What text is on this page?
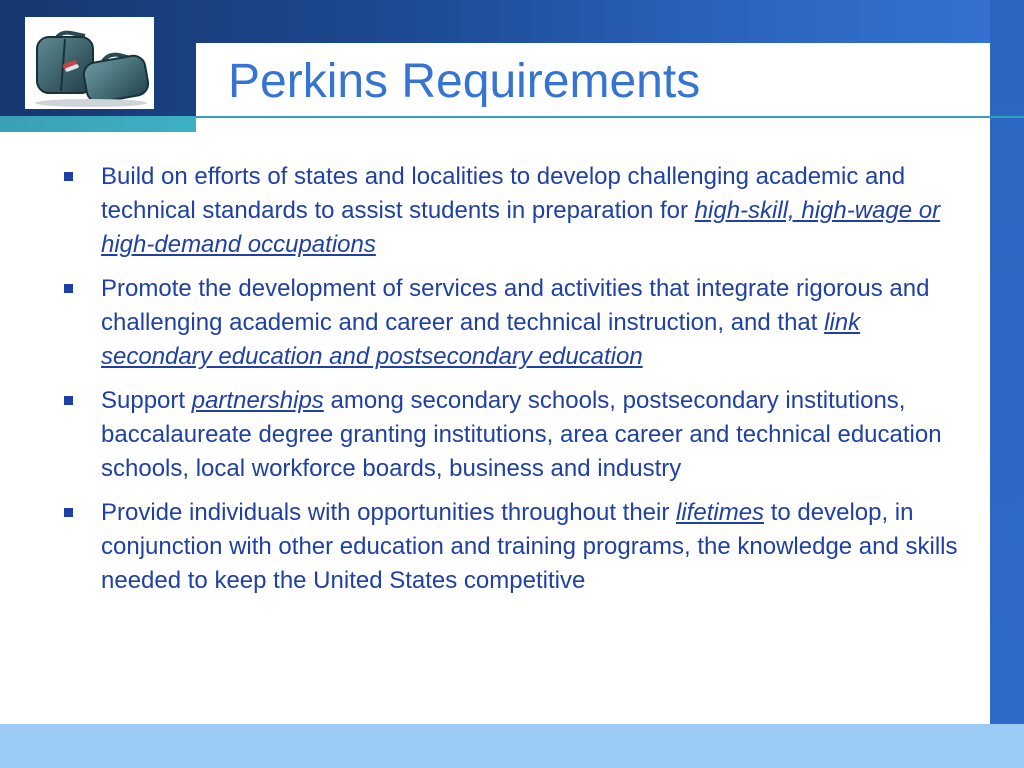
Perkins Requirements
Build on efforts of states and localities to develop challenging academic and technical standards to assist students in preparation for high-skill, high-wage or high-demand occupations
Promote the development of services and activities that integrate rigorous and challenging academic and career and technical instruction, and that link secondary education and postsecondary education
Support partnerships among secondary schools, postsecondary institutions, baccalaureate degree granting institutions, area career and technical education schools, local workforce boards, business and industry
Provide individuals with opportunities throughout their lifetimes to develop, in conjunction with other education and training programs, the knowledge and skills needed to keep the United States competitive
